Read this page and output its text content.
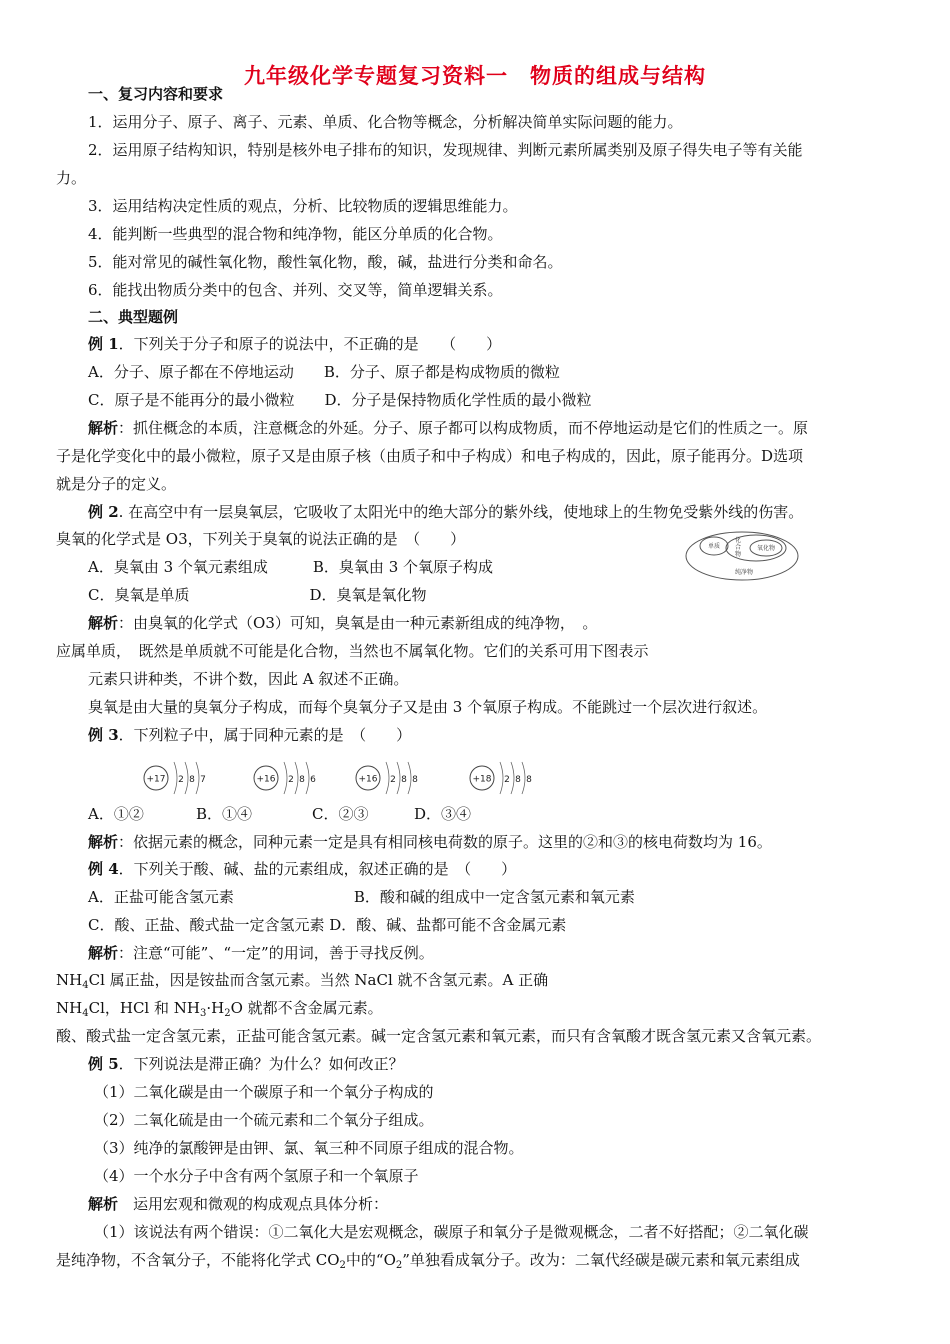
九年级化学专题复习资料一　物质的组成与结构
一、复习内容和要求
1．运用分子、原子、离子、元素、单质、化合物等概念，分析解决简单实际问题的能力。
2．运用原子结构知识，特别是核外电子排布的知识，发现规律、判断元素所属类别及原子得失电子等有关能
力。
3．运用结构决定性质的观点，分析、比较物质的逻辑思维能力。
4．能判断一些典型的混合物和纯净物，能区分单质的化合物。
5．能对常见的碱性氧化物，酸性氧化物，酸，碱，盐进行分类和命名。
6．能找出物质分类中的包含、并列、交叉等，简单逻辑关系。
二、典型题例
例 1．下列关于分子和原子的说法中，不正确的是　　（　　）
A．分子、原子都在不停地运动　　B．分子、原子都是构成物质的微粒
C．原子是不能再分的最小微粒　　D．分子是保持物质化学性质的最小微粒
解析：抓住概念的本质，注意概念的外延。分子、原子都可以构成物质，而不停地运动是它们的性质之一。原
子是化学变化中的最小微粒，原子又是由原子核（由质子和中子构成）和电子构成的，因此，原子能再分。D选项
就是分子的定义。
例 2. 在高空中有一层臭氧层，它吸收了太阳光中的绝大部分的紫外线，使地球上的生物免受紫外线的伤害。
臭氧的化学式是 O3，下列关于臭氧的说法正确的是　（　　）
A．臭氧由 3 个氧元素组成　　　B．臭氧由 3 个氧原子构成
C．臭氧是单质　　　　　　　　D．臭氧是氧化物
单质
化
合
物
氧化物
纯净物
解析：由臭氧的化学式（O3）可知，臭氧是由一种元素新组成的纯净物，　。
应属单质，　既然是单质就不可能是化合物，当然也不属氧化物。它们的关系可用下图表示
元素只讲种类，不讲个数，因此 A 叙述不正确。
臭氧是由大量的臭氧分子构成，而每个臭氧分子又是由 3 个氧原子构成。不能跳过一个层次进行叙述。
例 3．下列粒子中，属于同种元素的是　（　　）
+17 2 8 7	+16 2 8 6	+16 2 8 8	+18 2 8 8
A．①②	B．①④	C．②③	D．③④
解析：依据元素的概念，同种元素一定是具有相同核电荷数的原子。这里的②和③的核电荷数均为 16。
例 4．下列关于酸、碱、盐的元素组成，叙述正确的是　（　　）
A．正盐可能含氢元素　　　　　　　　B．酸和碱的组成中一定含氢元素和氧元素
C．酸、正盐、酸式盐一定含氢元素 D．酸、碱、盐都可能不含金属元素
解析：注意“可能”、“一定”的用词，善于寻找反例。
$NH_4Cl$ 属正盐，因是铵盐而含氢元素。当然 NaCl 就不含氢元素。A 正确
$NH_4Cl$，HCl 和 $NH_3\cdot H_2O$ 就都不含金属元素。
酸、酸式盐一定含氢元素，正盐可能含氢元素。碱一定含氢元素和氧元素，而只有含氧酸才既含氢元素又含氧元素。
例 5．下列说法是滞正确？为什么？如何改正？
（1）二氧化碳是由一个碳原子和一个氧分子构成的
（2）二氧化硫是由一个硫元素和二个氧分子组成。
（3）纯净的氯酸钾是由钾、氯、氧三种不同原子组成的混合物。
（4）一个水分子中含有两个氢原子和一个氧原子
解析　运用宏观和微观的构成观点具体分析：
（1）该说法有两个错误：①二氧化大是宏观概念，碳原子和氧分子是微观概念，二者不好搭配；②二氧化碳
是纯净物，不含氧分子，不能将化学式 $CO_2$中的“$O_2$”单独看成氧分子。改为：二氧代经碳是碳元素和氧元素组成
